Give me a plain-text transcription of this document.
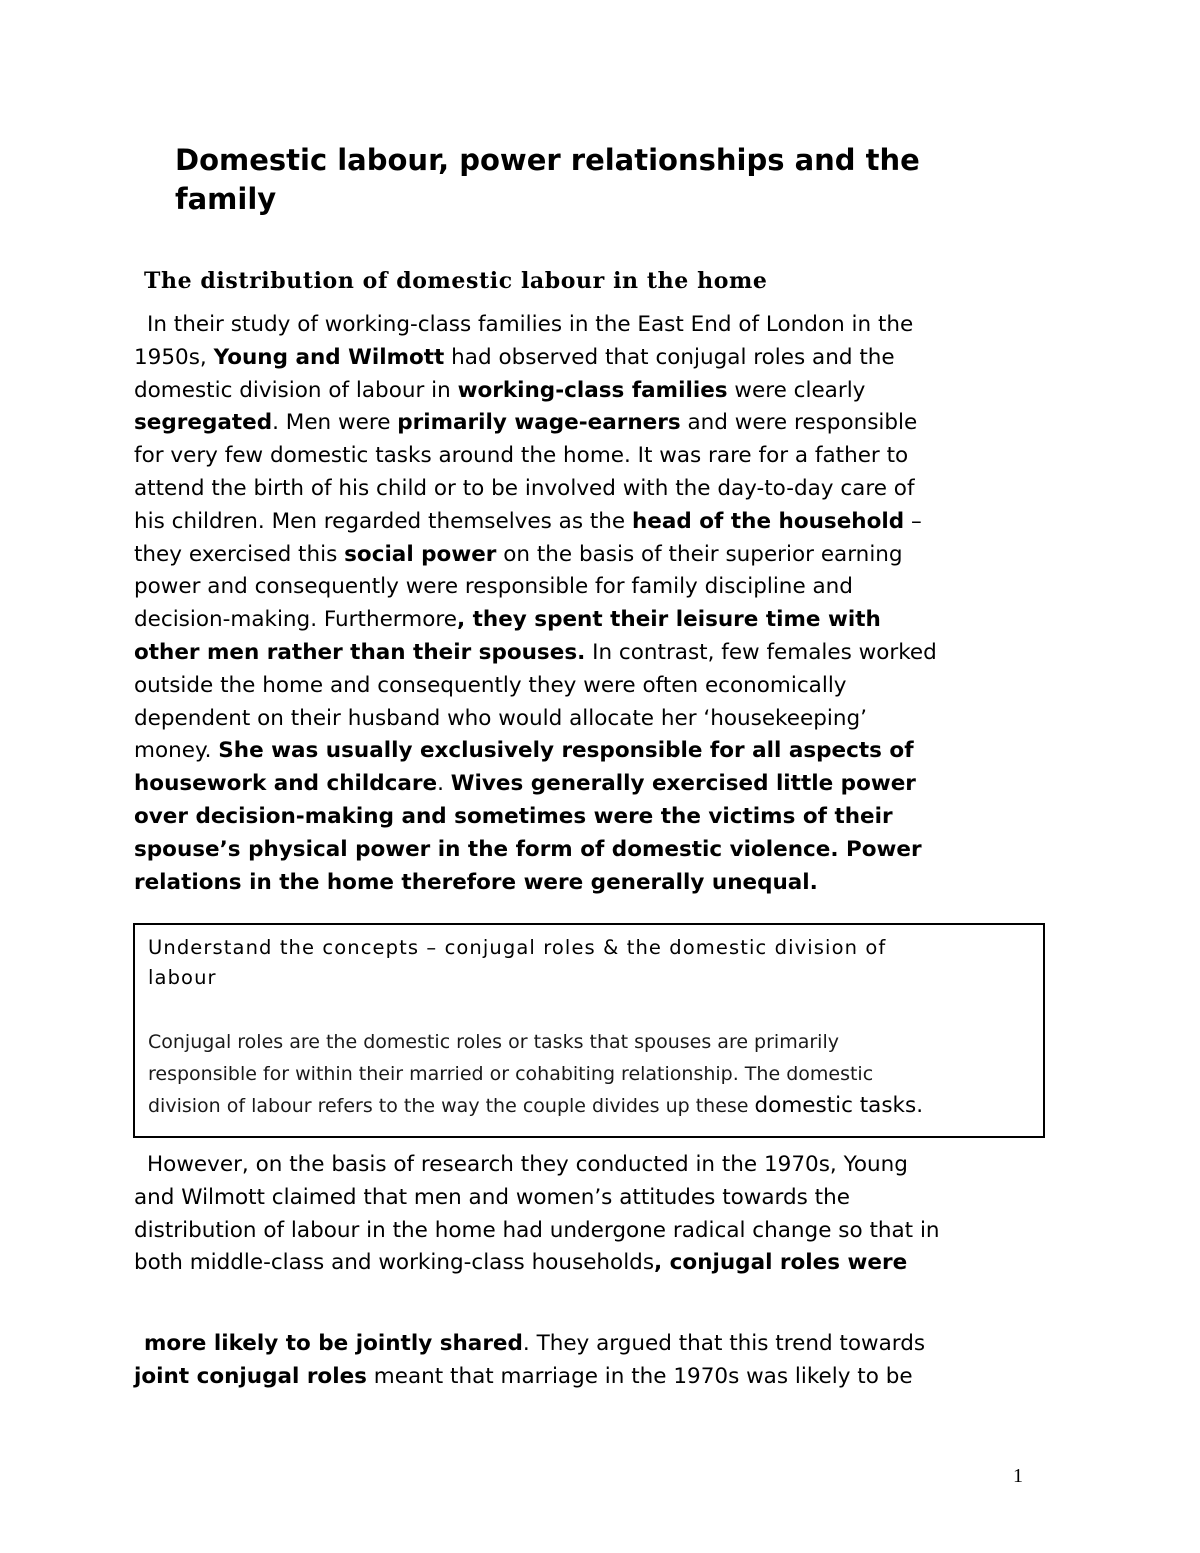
Domestic labour, power relationships and the
family
The distribution of domestic labour in the home
In their study of working-class families in the East End of London in the
1950s, Young and Wilmott had observed that conjugal roles and the
domestic division of labour in working-class families were clearly
segregated. Men were primarily wage-earners and were responsible
for very few domestic tasks around the home. It was rare for a father to
attend the birth of his child or to be involved with the day-to-day care of
his children. Men regarded themselves as the head of the household –
they exercised this social power on the basis of their superior earning
power and consequently were responsible for family discipline and
decision-making. Furthermore, they spent their leisure time with
other men rather than their spouses. In contrast, few females worked
outside the home and consequently they were often economically
dependent on their husband who would allocate her ‘housekeeping’
money. She was usually exclusively responsible for all aspects of
housework and childcare. Wives generally exercised little power
over decision-making and sometimes were the victims of their
spouse’s physical power in the form of domestic violence. Power
relations in the home therefore were generally unequal.
Understand the concepts – conjugal roles & the domestic division of
labour
Conjugal roles are the domestic roles or tasks that spouses are primarily
responsible for within their married or cohabiting relationship. The domestic
division of labour refers to the way the couple divides up these domestic tasks.
However, on the basis of research they conducted in the 1970s, Young
and Wilmott claimed that men and women’s attitudes towards the
distribution of labour in the home had undergone radical change so that in
both middle-class and working-class households, conjugal roles were
more likely to be jointly shared. They argued that this trend towards
joint conjugal roles meant that marriage in the 1970s was likely to be
1
